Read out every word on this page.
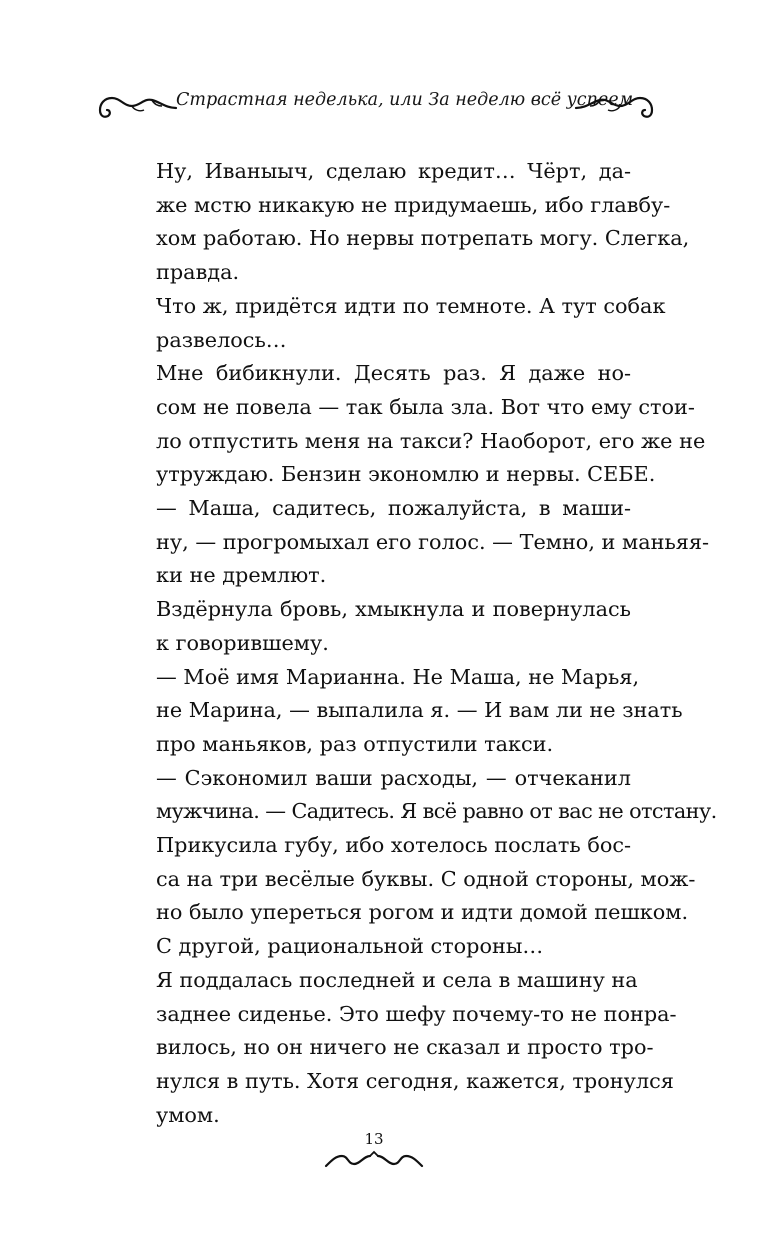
Страстная неделька, или За неделю всё успеем

Ну, Иваныыч, сделаю кредит… Чёрт, да-
же мстю никакую не придумаешь, ибо главбу-
хом работаю. Но нервы потрепать могу. Слегка,
правда.

Что ж, придётся идти по темноте. А тут собак
развелось…

Мне бибикнули. Десять раз. Я даже но-
сом не повела — так была зла. Вот что ему стои-
ло отпустить меня на такси? Наоборот, его же не
утруждаю. Бензин экономлю и нервы. СЕБЕ.

— Маша, садитесь, пожалуйста, в маши-
ну, — прогромыхал его голос. — Темно, и маньяя-
ки не дремлют.

Вздёрнула бровь, хмыкнула и повернулась
к говорившему.

— Моё имя Марианна. Не Маша, не Марья,
не Марина, — выпалила я. — И вам ли не знать
про маньяков, раз отпустили такси.

— Сэкономил ваши расходы, — отчеканил
мужчина. — Садитесь. Я всё равно от вас не отстану.

Прикусила губу, ибо хотелось послать бос-
са на три весёлые буквы. С одной стороны, мож-
но было упереться рогом и идти домой пешком.
С другой, рациональной стороны…

Я поддалась последней и села в машину на
заднее сиденье. Это шефу почему-то не понра-
вилось, но он ничего не сказал и просто тро-
нулся в путь. Хотя сегодня, кажется, тронулся
умом.

13
